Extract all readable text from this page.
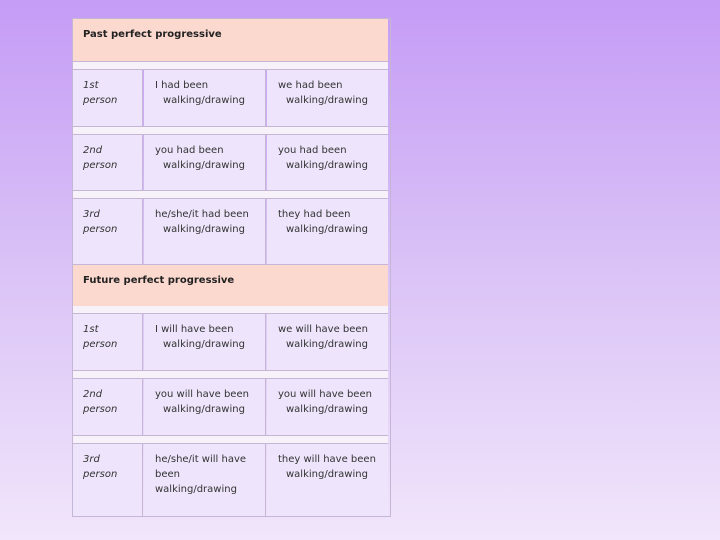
Past perfect progressive
1st
person
I had been
walking/drawing
we had been
walking/drawing
2nd
person
you had been
walking/drawing
you had been
walking/drawing
3rd
person
he/she/it had been
walking/drawing
they had been
walking/drawing
Future perfect progressive
1st
person
I will have been
walking/drawing
we will have been
walking/drawing
2nd
person
you will have been
walking/drawing
you will have been
walking/drawing
3rd
person
he/she/it will have
been
walking/drawing
they will have been
walking/drawing
